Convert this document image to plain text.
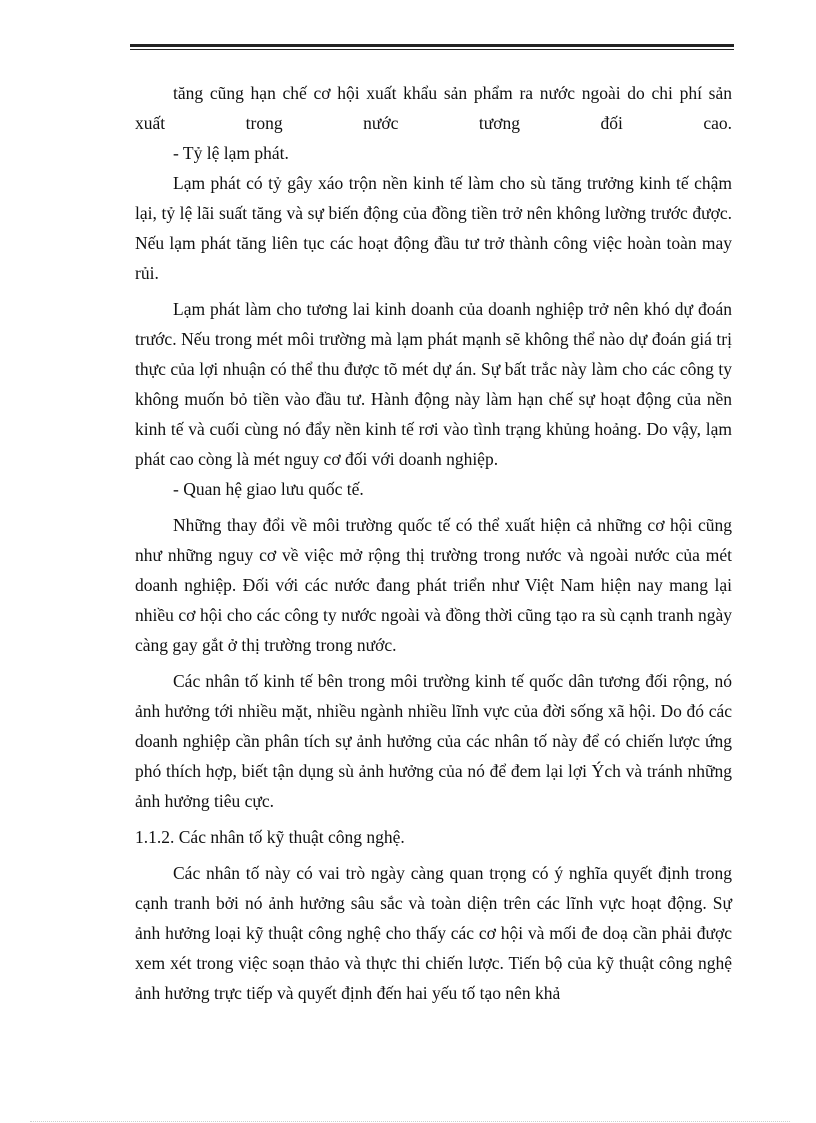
tăng cũng hạn chế cơ hội xuất khẩu sản phẩm ra nước ngoài do chi phí sản

xuất trong nước tương đối cao.

- Tỷ lệ lạm phát.

Lạm phát có tỷ gây xáo trộn nền kinh tế làm cho sù tăng trưởng kinh tế chậm lại, tỷ lệ lãi suất tăng và sự biến động của đồng tiền trở nên không lường trước được. Nếu lạm phát tăng liên tục các hoạt động đầu tư trở thành công việc hoàn toàn may rủi.

Lạm phát làm cho tương lai kinh doanh của doanh nghiệp trở nên khó dự đoán trước. Nếu trong mét môi trường mà lạm phát mạnh sẽ không thể nào dự đoán giá trị thực của lợi nhuận có thể thu được tõ mét dự án. Sự bất trắc này làm cho các công ty không muốn bỏ tiền vào đầu tư. Hành động này làm hạn chế sự hoạt động của nền kinh tế và cuối cùng nó đẩy nền kinh tế rơi vào tình trạng khủng hoảng. Do vậy, lạm phát cao còng là mét nguy cơ đối với doanh nghiệp.

- Quan hệ giao lưu quốc tế.

Những thay đổi về môi trường quốc tế có thể xuất hiện cả những cơ hội cũng như những nguy cơ về việc mở rộng thị trường trong nước và ngoài nước của mét doanh nghiệp. Đối với các nước đang phát triển như Việt Nam hiện nay mang lại nhiều cơ hội cho các công ty nước ngoài và đồng thời cũng tạo ra sù cạnh tranh ngày càng gay gắt ở thị trường trong nước.

Các nhân tố kinh tế bên trong môi trường kinh tế quốc dân tương đối rộng, nó ảnh hưởng tới nhiều mặt, nhiều ngành nhiều lĩnh vực của đời sống xã hội. Do đó các doanh nghiệp cần phân tích sự ảnh hưởng của các nhân tố này để có chiến lược ứng phó thích hợp, biết tận dụng sù ảnh hưởng của nó để đem lại lợi Ých và tránh những ảnh hưởng tiêu cực.

1.1.2. Các nhân tố kỹ thuật công nghệ.

Các nhân tố này có vai trò ngày càng quan trọng có ý nghĩa quyết định trong cạnh tranh bởi nó ảnh hưởng sâu sắc và toàn diện trên các lĩnh vực hoạt động. Sự ảnh hưởng loại kỹ thuật công nghệ cho thấy các cơ hội và mối đe doạ cần phải được xem xét trong việc soạn thảo và thực thi chiến lược. Tiến bộ của kỹ thuật công nghệ ảnh hưởng trực tiếp và quyết định đến hai yếu tố tạo nên khả
